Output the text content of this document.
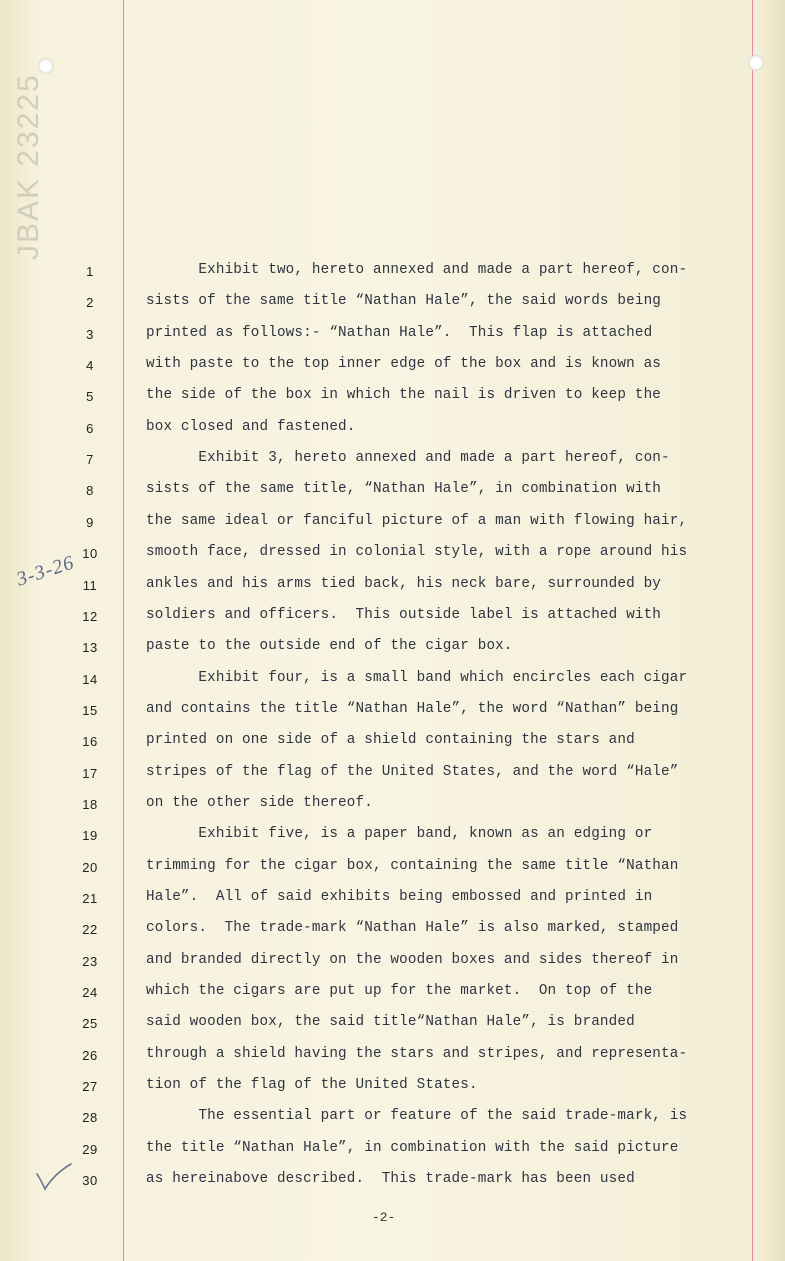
JBAK 23225
3-3-26
1
2
3
4
5
6
7
8
9
10
11
12
13
14
15
16
17
18
19
20
21
22
23
24
25
26
27
28
29
30
Exhibit two, hereto annexed and made a part hereof, con-
sists of the same title “Nathan Hale”, the said words being
printed as follows:- “Nathan Hale”.  This flap is attached
with paste to the top inner edge of the box and is known as
the side of the box in which the nail is driven to keep the
box closed and fastened.
Exhibit 3, hereto annexed and made a part hereof, con-
sists of the same title, “Nathan Hale”, in combination with
the same ideal or fanciful picture of a man with flowing hair,
smooth face, dressed in colonial style, with a rope around his
ankles and his arms tied back, his neck bare, surrounded by
soldiers and officers.  This outside label is attached with
paste to the outside end of the cigar box.
Exhibit four, is a small band which encircles each cigar
and contains the title “Nathan Hale”, the word “Nathan” being
printed on one side of a shield containing the stars and
stripes of the flag of the United States, and the word “Hale”
on the other side thereof.
Exhibit five, is a paper band, known as an edging or
trimming for the cigar box, containing the same title “Nathan
Hale”.  All of said exhibits being embossed and printed in
colors.  The trade-mark “Nathan Hale” is also marked, stamped
and branded directly on the wooden boxes and sides thereof in
which the cigars are put up for the market.  On top of the
said wooden box, the said title“Nathan Hale”, is branded
through a shield having the stars and stripes, and representa-
tion of the flag of the United States.
The essential part or feature of the said trade-mark, is
the title “Nathan Hale”, in combination with the said picture
as hereinabove described.  This trade-mark has been used
-2-
